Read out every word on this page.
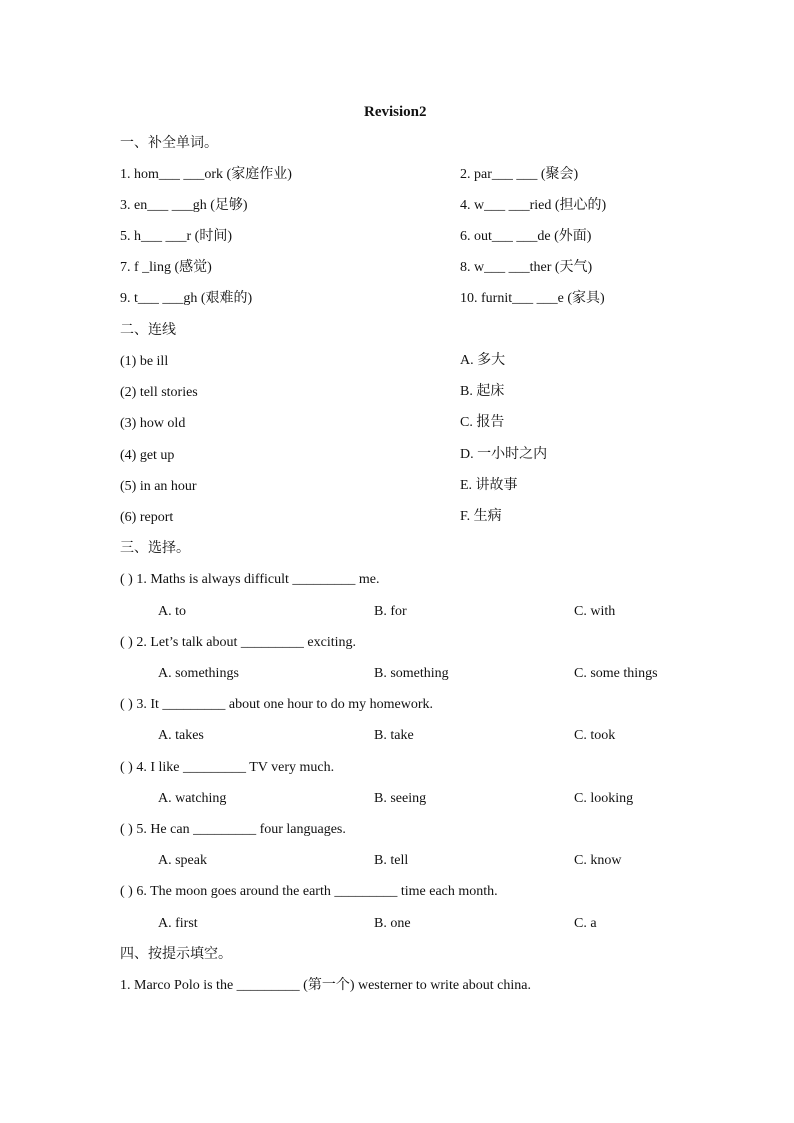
Revision2
一、补全单词。
1. hom___ ___ork (家庭作业)	2. par___ ___ (聚会)
3. en___ ___gh (足够)	4. w___ ___ried (担心的)
5. h___ ___r (时间)	6. out___ ___de (外面)
7. f _ling (感觉)	8. w___ ___ther (天气)
9. t___ ___gh (艰难的)	10. furnit___ ___e (家具)
二、连线
(1) be ill	A. 多大
(2) tell stories	B. 起床
(3) how old	C. 报告
(4) get up	D. 一小时之内
(5) in an hour	E. 讲故事
(6) report	F. 生病
三、选择。
( ) 1. Maths is always difficult _________ me.
A. to	B. for	C. with
( ) 2. Let’s talk about _________ exciting.
A. somethings	B. something	C. some things
( ) 3. It _________ about one hour to do my homework.
A. takes	B. take	C. took
( ) 4. I like _________ TV very much.
A. watching	B. seeing	C. looking
( ) 5. He can _________ four languages.
A. speak	B. tell	C. know
( ) 6. The moon goes around the earth _________ time each month.
A. first	B. one	C. a
四、按提示填空。
1. Marco Polo is the _________ (第一个) westerner to write about china.
